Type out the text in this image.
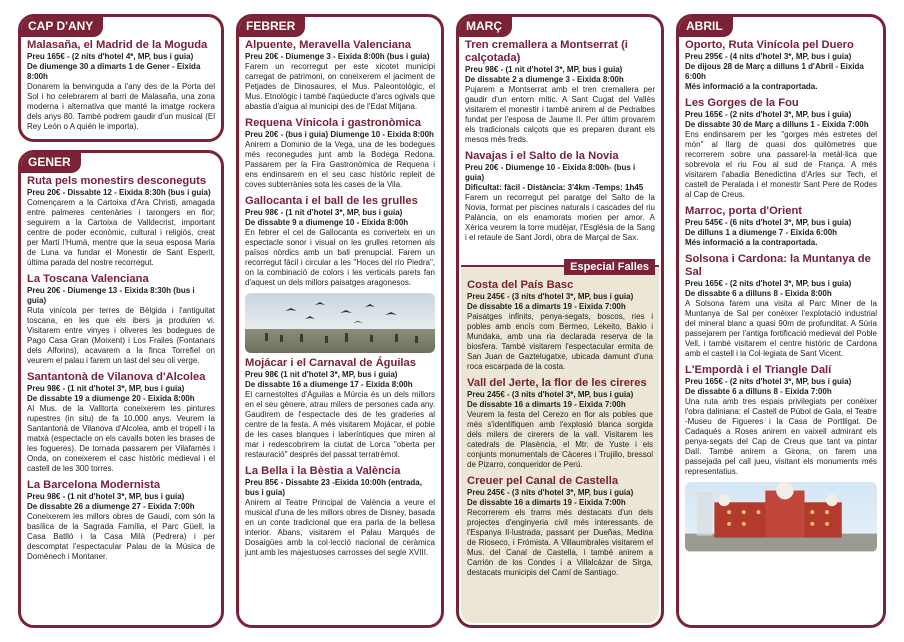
CAP D'ANY
Malasaña, el Madrid de la Moguda
Preu 165€ - (2 nits d'hotel 4*, MP, bus i guia)
De diumenge 30 a dimarts 1 de Gener - Eixida 8:00h

Donarem la benvinguda a l'any des de la Porta del Sol i ho celebrarem al barri de Malasaña, una zona moderna i alternativa que manté la imatge rockera dels anys 80. També podrem gaudir d'un musical (El Rey León o A quién le importa).

GENER
Ruta pels monestirs desconeguts
Preu 20€ - Dissabte 12 - Eixida 8:30h (bus i guia)

Començarem a la Cartoixa d'Ara Christi, amagada entre palmeres centenàries i tarongers en flor; seguirem a la Cartoixa de Valldecrist, important centre de poder econòmic, cultural i religiós, creat per Martí l'Humà, mentre que la seua esposa Maria de Luna va fundar el Monestir de Sant Esperit, última parada del nostre recorregut.

La Toscana Valenciana
Preu 20€ - Diumenge 13 - Eixida 8:30h (bus i guia)

Ruta vinícola per terres de Bèlgida i l'antiguitat toscana, en les que els ibers ja produïen vi. Visitarem entre vinyes i oliveres les bodegues de Pago Casa Gran (Moixent) i Los Frailes (Fontanars dels Alforins), acavarem a la finca Torrefiel on veurem el palau i farem un tast del seu oli verge.

Santantonà de Vilanova d'Alcolea
Preu 98€ - (1 nit d'hotel 3*, MP, bus i guia)
De dissabte 19 a diumenge 20 - Eixida 8:00h

Al Mus. de la Valltorta coneixerem les pintures rupestres (in situ) de fa 10.000 anys. Veurem la Santantonà de Vilanova d'Alcolea, amb el tropell i la matxà (espectacle on els cavalls boten les brases de les fogueres). De tornada passarem per Vilafamés i Onda, on coneixerem el casc històric medieval i el castell de les 300 torres.

La Barcelona Modernista
Preu 98€ - (1 nit d'hotel 3*, MP, bus i guia)
De dissabte 26 a diumenge 27 - Eixida 7:00h

Coneixerem les millors obres de Gaudí, com són la basílica de la Sagrada Família, el Parc Güell, la Casa Batlló i la Casa Milà (Pedrera) i per descomptat l'espectacular Palau de la Música de Domènech i Montaner.

FEBRER
Alpuente, Meravella Valenciana
Preu 20€ - Diumenge 3 - Eixida 8:00h (bus i guia)

Farem un recorregut per este xicotet municipi carregat de patrimoni, on coneixerem el jaciment de Petjades de Dinosaures, el Mus. Paleontològic, el Mus. Etnològic i també l'aqüeducte d'arcs ogivals que abastia d'aigua al municipi des de l'Edat Mitjana.

Requena Vínicola i gastronòmica
Preu 20€ - (bus i guia) Diumenge 10 - Eixida 8:00h

Anirem a Dominio de la Vega, una de les bodegues més reconegudes junt amb la Bodega Redona. Passarem per la Fira Gastronòmica de Requena i ens endinsarem en el seu casc històric repleit de coves subterrànies sota les cases de la Vila.

Gallocanta i el ball de les grulles
Preu 98€ - (1 nit d'hotel 3*, MP, bus i guia)
De dissabte 9 a diumenge 10 - Eixida 8:00h

En febrer el cel de Gallocanta es converteix en un espectacle sonor i visual on les grulles retornen als països nòrdics amb un ball prenupcial. Farem un recorregut fàcil i circular a les "Hoces del río Piedra", on la combinació de colors i les verticals parets fan d'aquest un dels millors paisatges aragonesos.

Mojácar i el Carnaval de Águilas
Preu 98€ (1 nit d'hotel 3*, MP, bus i guia)
De dissabte 16 a diumenge 17 - Eixida 8:00h

El carnestoltes d'Àguilas a Múrcia és un dels millors en el seu gènere, atrau milers de persones cada any. Gaudirem de l'espectacle des de les graderies al centre de la festa. A més visitarem Mojácar, el poble de les cases blanques i laberíntiques que miren al mar i redescobrirem la ciutat de Lorca "oberta per restauració" després del passat terratrèmol.

La Bella i la Bèstia a València
Preu 85€ - Dissabte 23 -Eixida 10:00h (entrada, bus i guia)

Anirem al Teatre Principal de València a veure el musical d'una de les millors obres de Disney, basada en un conte tradicional que era parla de la bellesa interior. Abans, visitarem el Palau Marqués de Dosaigües amb la col·lecció nacional de ceràmica junt amb les majestuoses carrosses del segle XVIII.

MARÇ
Tren cremallera a Montserrat (i calçotada)
Preu 98€ - (1 nit d'hotel 3*, MP, bus i guia)
De dissabte 2 a diumenge 3 - Eixida 8:00h

Pujarem a Montserrat amb el tren cremallera per gaudir d'un entorn mític. A Sant Cugat del Vallès visitarem el monestir i també anirem al de Pedralbes fundat per l'esposa de Jaume II. Per últim provarem els tradicionals calçots que es preparen durant els mesos més freds.

Navajas i el Salto de la Novia
Preu 20€ - Diumenge 10 - Eixida 8:00h- (bus i guia)
Dificultat: fàcil - Distància: 3'4km -Temps: 1h45

Farem un recorregut pel paratge del Salto de la Novia, format per piscines naturals i cascades del riu Palància, on els enamorats morien per amor. A Xèrica veurem la torre mudèjar, l'Església de la Sang i el retaule de Sant Jordi, obra de Marçal de Sax.

Especial Falles
Costa del País Basc
Preu 245€ - (3 nits d'hotel 3*, MP, bus i guia)
De dissabte 16 a dimarts 19 - Eixida 7:00h

Paisatges infinits, penya-segats, boscos, ries i pobles amb encís com Bermeo, Lekeito, Bakio i Mundaka, amb una ria declarada reserva de la biosfera. També visitarem l'espectacular ermita de San Juan de Gaztelugatxe, ubicada damunt d'una roca escarpada de la costa.

Vall del Jerte, la flor de les cireres
Preu 245€ - (3 nits d'hotel 3*, MP, bus i guia)
De dissabte 16 a dimarts 19 - Eixida 7:00h

Veurem la festa del Cerezo en flor als pobles que més s'identifiquen amb l'explosió blanca sorgida dels milers de cirerers de la vall. Visitarem les catedrals de Plasència, el Mtr. de Yuste i els conjunts monumentals de Càceres i Trujillo, bressol de Pizarro, conqueridor de Perú.

Creuer pel Canal de Castella
Preu 245€ - (3 nits d'hotel 3*, MP, bus i guia)
De dissabte 16 a dimarts 19 - Eixida 7:00h

Recorrerem els trams més destacats d'un dels projectes d'enginyeria civil més interessants de l'Espanya Il·lustrada, passant per Dueñas, Medina de Rioseco, i Frómista. A Villaumbrales visitarem el Mus. del Canal de Castella, i també anirem a Carrión de los Condes i a Villalcázar de Sirga, destacats municipis del Camí de Santiago.

ABRIL
Oporto, Ruta Vinícola pel Duero
Preu 295€ - (4 nits d'hotel 3*, MP, bus i guia)
De dijous 28 de Març a dilluns 1 d'Abril - Eixida 6:00h

Més informació a la contraportada.

Les Gorges de la Fou
Preu 165€ - (2 nits d'hotel 3*, MP, bus i guia)
De dissabte 30 de Març a dilluns 1 - Eixida 7:00h

Ens endinsarem per les "gorges més estretes del món" al llarg de quasi dos quilòmetres que recorrerem sobre una passarel·la metàl·lica que sobrevola el riu Fou al sud de França. A més visitarem l'abadia Benedictina d'Arles sur Tech, el castell de Peralada i el monestir Sant Pere de Rodes al Cap de Creus.

Marroc, porta d'Orient
Preu 545€ - (6 nits d'hotel 3*, MP, bus i guia)
De dilluns 1 a diumenge 7 - Eixida 6:00h

Més informació a la contraportada.

Solsona i Cardona: la Muntanya de Sal
Preu 165€ - (2 nits d'hotel 3*, MP, bus i guia)
De dissabte 6 a dilluns 8 - Eixida 8:00h

A Solsona farem una visita al Parc Miner de la Muntanya de Sal per conèixer l'explotació industrial del mineral blanc a quasi 90m de profunditat. A Súria passejarem per l'antiga fortificació medieval del Poble Vell, i també visitarem el centre històric de Cardona amb el castell i la Col·legiata de Sant Vicent.

L'Empordà i el Triangle Dalí
Preu 165€ - (2 nits d'hotel 3*, MP, bus i guia)
De dissabte 6 a dilluns 8 - Eixida 7:00h

Una ruta amb tres espais privilegiats per conèixer l'obra daliniana: el Castell de Púbol de Gala, el Teatre -Museu de Figueres i la Casa de Portlligat. De Cadaqués a Roses anirem en vaixell admirant els penya-segats del Cap de Creus que tant va pintar Dalí. També anirem a Girona, on farem una passejada pel call jueu, visitant els monuments més representatius.
